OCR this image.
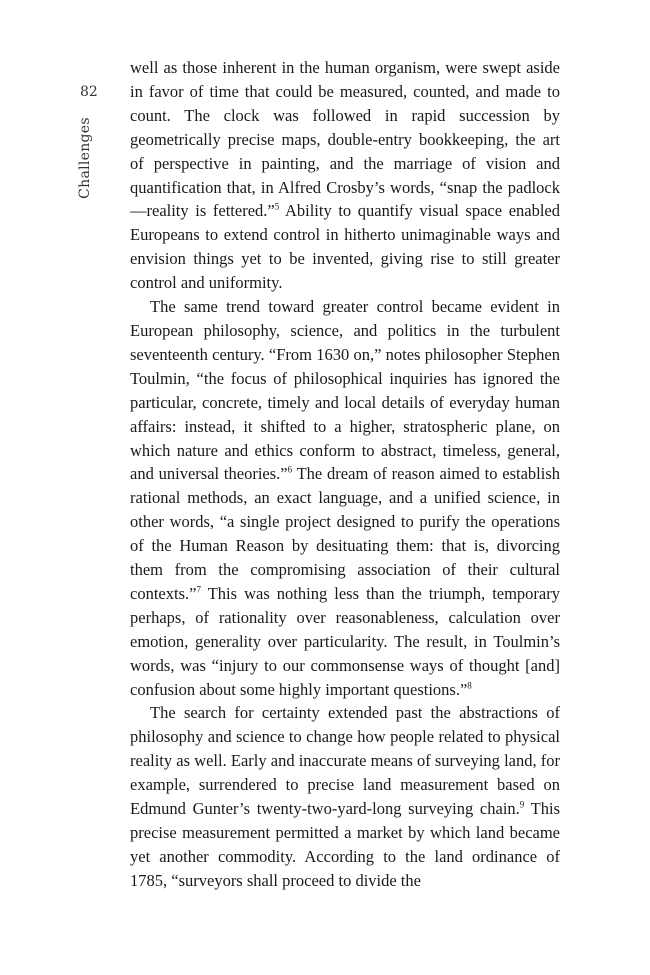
82
Challenges

well as those inherent in the human organism, were swept aside in favor of time that could be measured, counted, and made to count. The clock was followed in rapid succession by geometrically precise maps, double-entry bookkeeping, the art of perspective in painting, and the marriage of vision and quantification that, in Alfred Crosby’s words, “snap the padlock—reality is fettered.”$^5$ Ability to quantify visual space enabled Europeans to extend control in hitherto unimaginable ways and envision things yet to be invented, giving rise to still greater control and uniformity.

The same trend toward greater control became evident in European philosophy, science, and politics in the turbulent seventeenth century. “From 1630 on,” notes philosopher Stephen Toulmin, “the focus of philosophical inquiries has ignored the particular, concrete, timely and local details of everyday human affairs: instead, it shifted to a higher, stratospheric plane, on which nature and ethics conform to abstract, timeless, general, and universal theories.”$^6$ The dream of reason aimed to establish rational methods, an exact language, and a unified science, in other words, “a single project designed to purify the operations of the Human Reason by desituating them: that is, divorcing them from the compromising association of their cultural contexts.”$^7$ This was nothing less than the triumph, temporary perhaps, of rationality over reasonableness, calculation over emotion, generality over particularity. The result, in Toulmin’s words, was “injury to our commonsense ways of thought [and] confusion about some highly important questions.”$^8$

The search for certainty extended past the abstractions of philosophy and science to change how people related to physical reality as well. Early and inaccurate means of surveying land, for example, surrendered to precise land measurement based on Edmund Gunter’s twenty-two-yard-long surveying chain.$^9$ This precise measurement permitted a market by which land became yet another commodity. According to the land ordinance of 1785, “surveyors shall proceed to divide the
